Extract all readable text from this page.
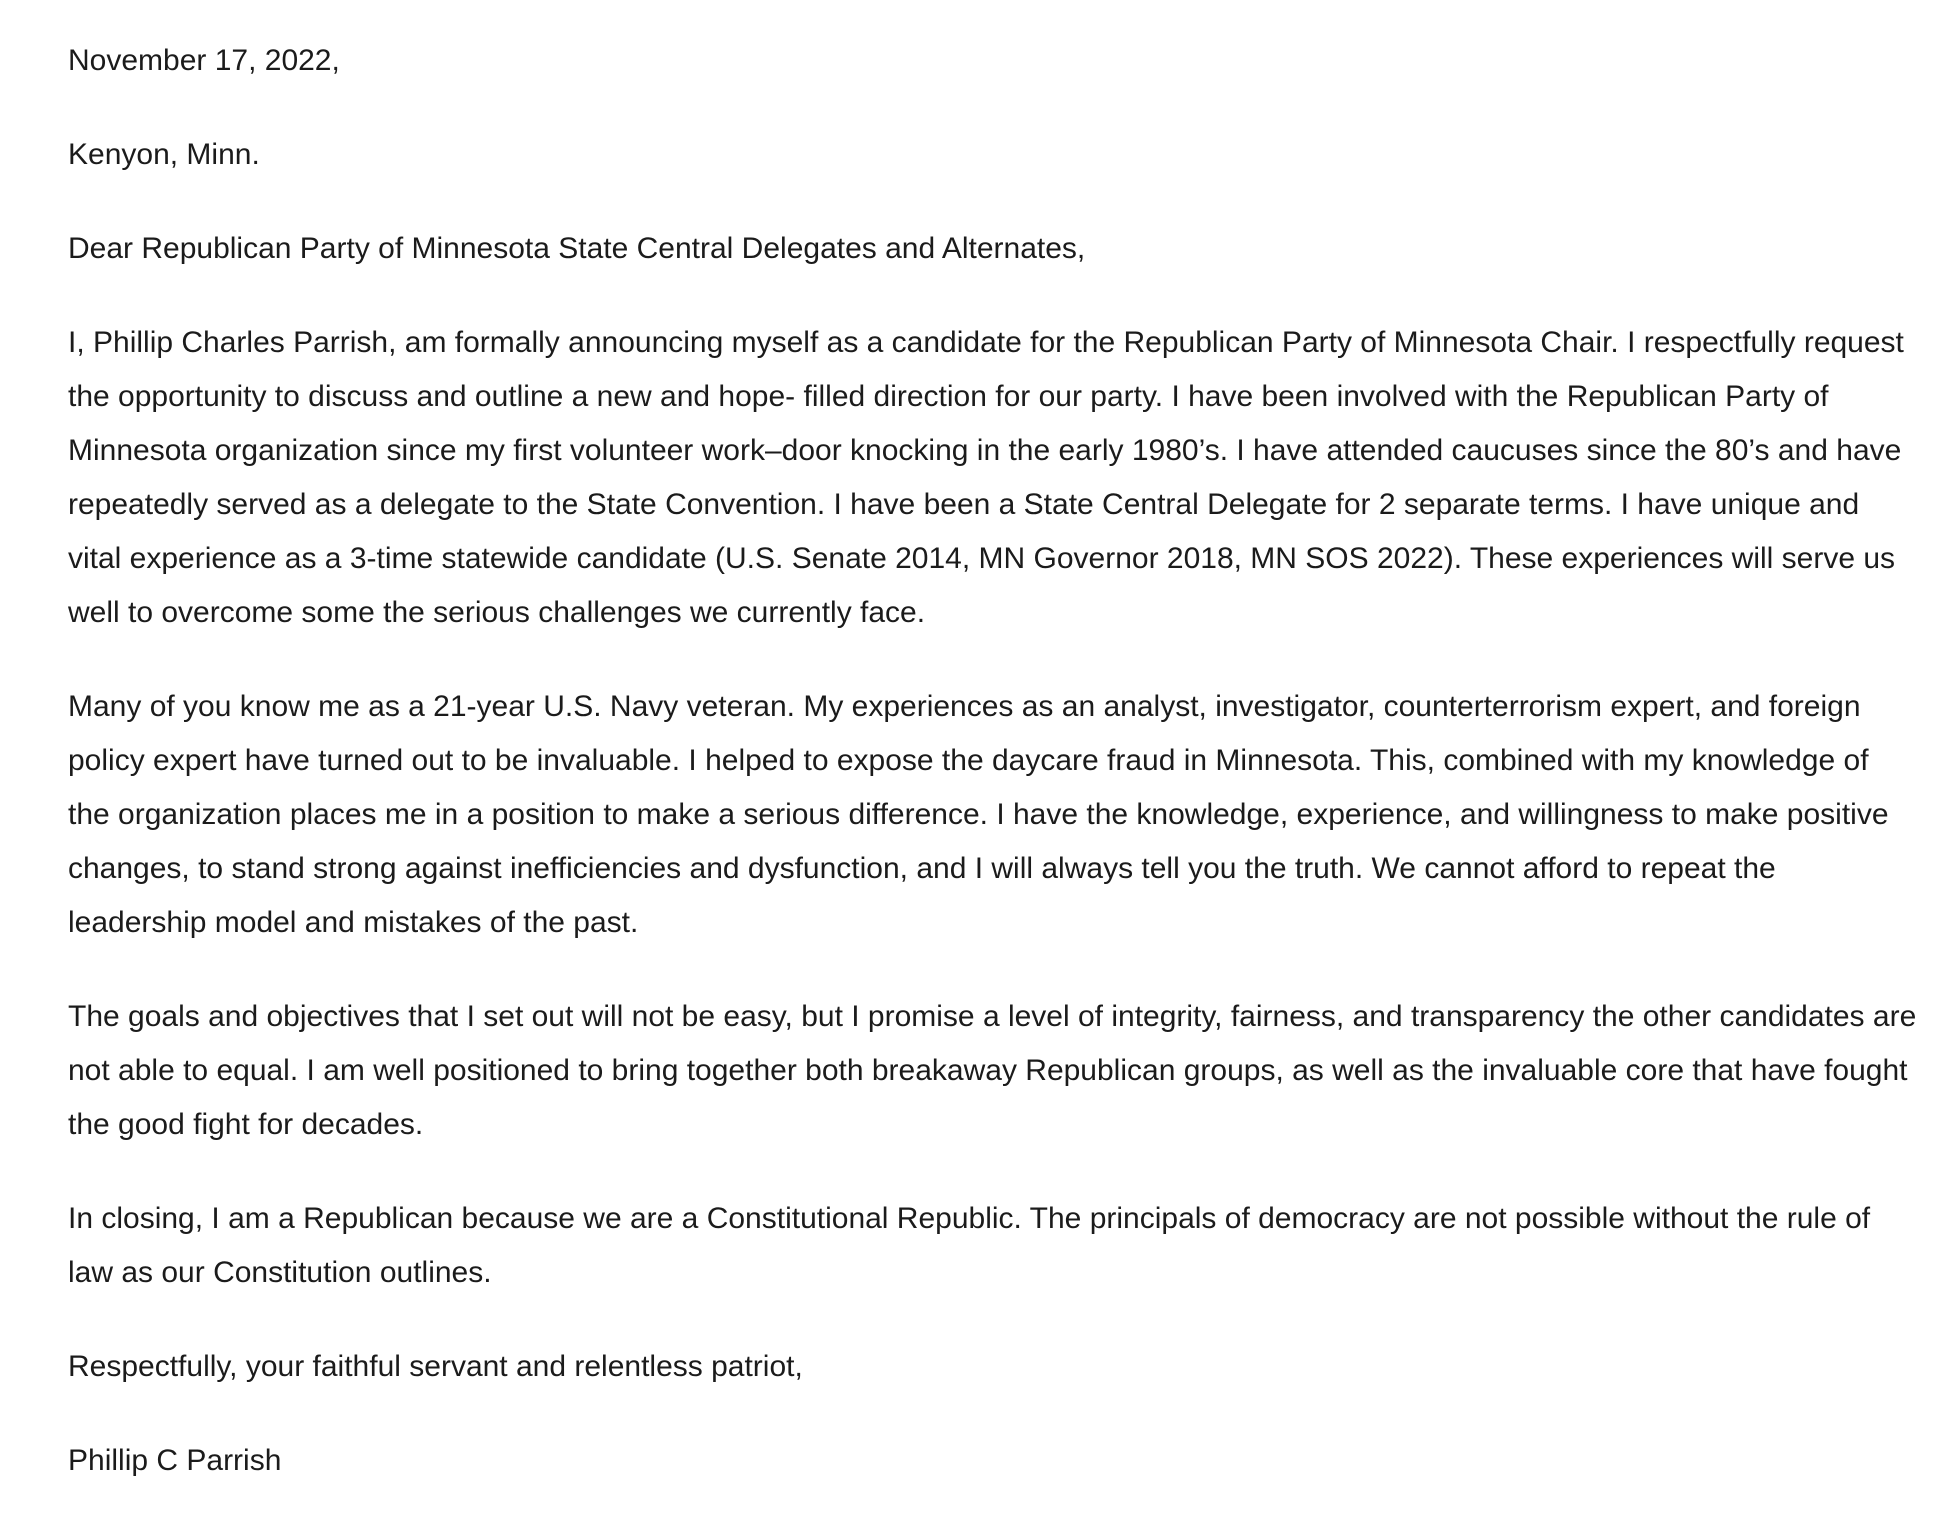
November 17, 2022,

Kenyon, Minn.

Dear Republican Party of Minnesota State Central Delegates and Alternates,

I, Phillip Charles Parrish, am formally announcing myself as a candidate for the Republican Party of Minnesota Chair. I respectfully request the opportunity to discuss and outline a new and hope- filled direction for our party. I have been involved with the Republican Party of Minnesota organization since my first volunteer work–door knocking in the early 1980’s. I have attended caucuses since the 80’s and have repeatedly served as a delegate to the State Convention. I have been a State Central Delegate for 2 separate terms. I have unique and vital experience as a 3-time statewide candidate (U.S. Senate 2014, MN Governor 2018, MN SOS 2022). These experiences will serve us well to overcome some the serious challenges we currently face.

Many of you know me as a 21-year U.S. Navy veteran. My experiences as an analyst, investigator, counterterrorism expert, and foreign policy expert have turned out to be invaluable. I helped to expose the daycare fraud in Minnesota. This, combined with my knowledge of the organization places me in a position to make a serious difference. I have the knowledge, experience, and willingness to make positive changes, to stand strong against inefficiencies and dysfunction, and I will always tell you the truth. We cannot afford to repeat the leadership model and mistakes of the past.

The goals and objectives that I set out will not be easy, but I promise a level of integrity, fairness, and transparency the other candidates are not able to equal. I am well positioned to bring together both breakaway Republican groups, as well as the invaluable core that have fought the good fight for decades.

In closing, I am a Republican because we are a Constitutional Republic. The principals of democracy are not possible without the rule of law as our Constitution outlines.

Respectfully, your faithful servant and relentless patriot,

Phillip C Parrish
